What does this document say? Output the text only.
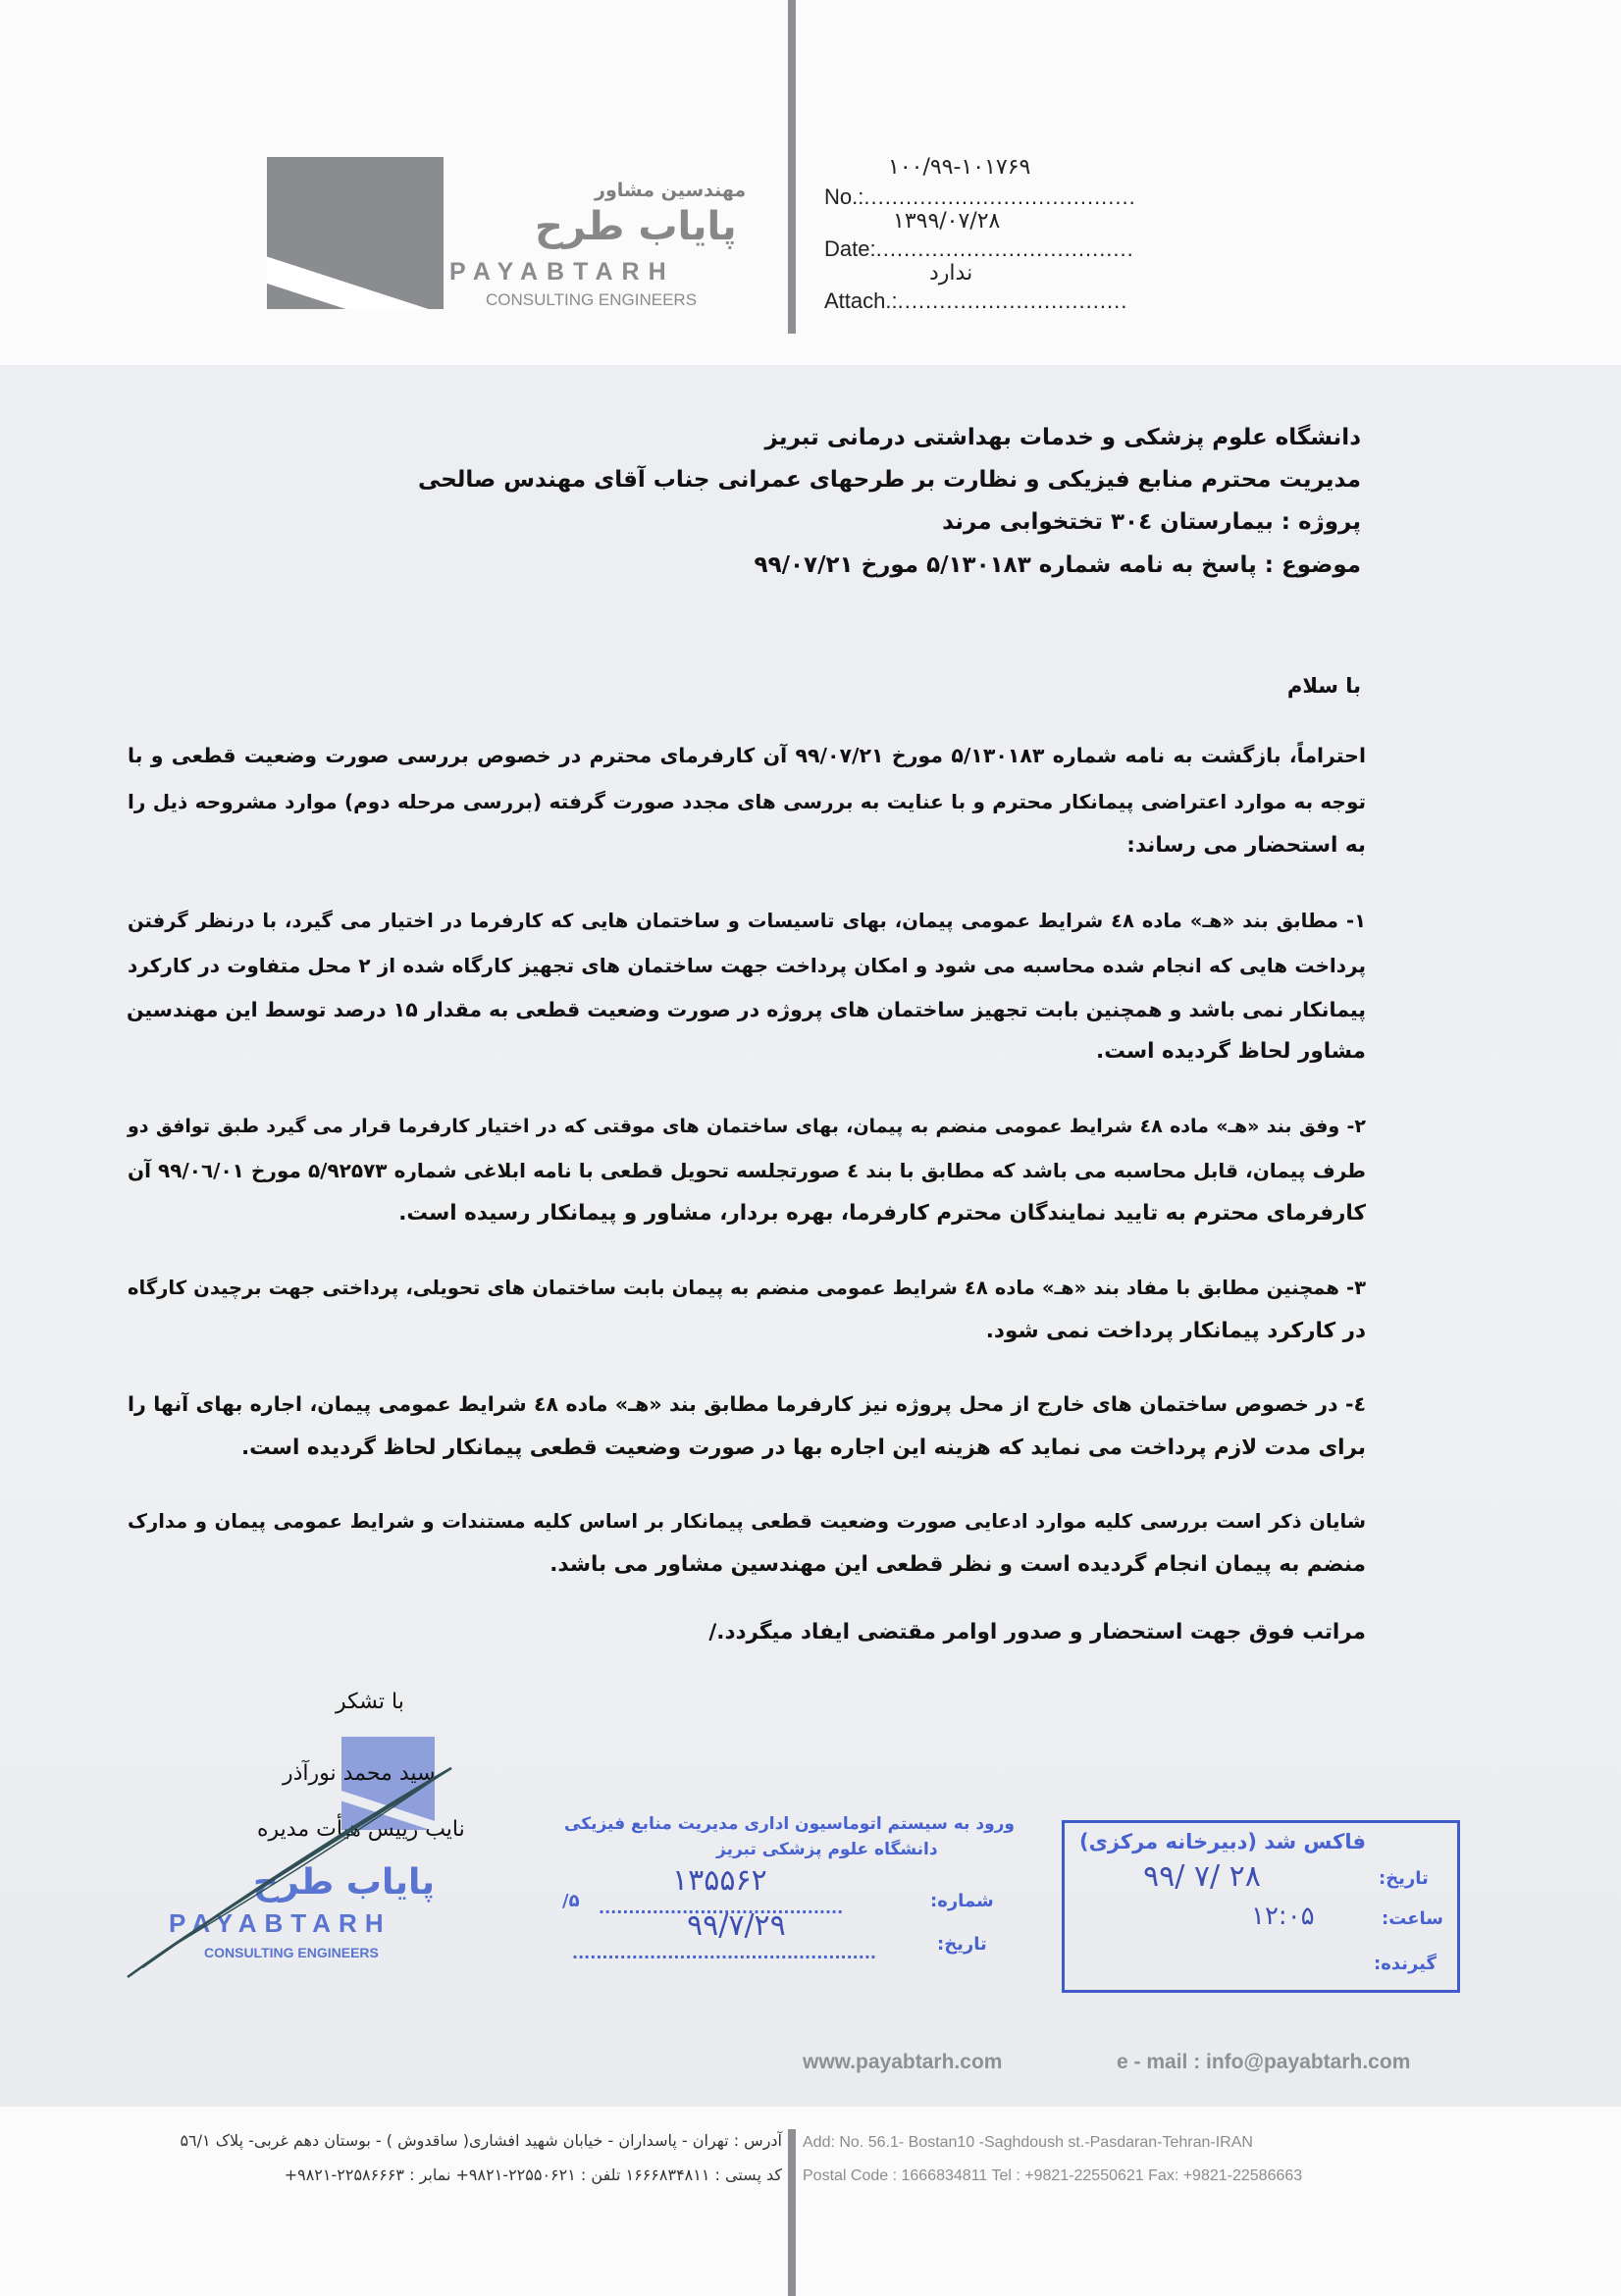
مهندسین مشاور
پایاب طرح
PAYABTARH
CONSULTING ENGINEERS
۱۰۰/۹۹-۱۰۱۷۶۹
No.:.......................................
۱۳۹۹/۰۷/۲۸
Date:.....................................
ندارد
Attach.:.................................
دانشگاه علوم پزشکی و خدمات بهداشتی درمانی تبریز
مدیریت محترم منابع فیزیکی و نظارت بر طرحهای عمرانی جناب آقای مهندس صالحی
پروژه : بیمارستان ۳۰٤ تختخوابی مرند
موضوع : پاسخ به نامه شماره ۵/۱۳۰۱۸۳ مورخ ۹۹/۰۷/۲۱
با سلام
احتراماً، بازگشت به نامه شماره ۵/۱۳۰۱۸۳ مورخ ۹۹/۰۷/۲۱ آن کارفرمای محترم در خصوص بررسی صورت وضعیت قطعی و با
توجه به موارد اعتراضی پیمانکار محترم و با عنایت به بررسی های مجدد صورت گرفته (بررسی مرحله دوم) موارد مشروحه ذیل را
به استحضار می رساند:
۱- مطابق بند «هـ» ماده ٤۸ شرایط عمومی پیمان، بهای تاسیسات و ساختمان هایی که کارفرما در اختیار می گیرد، با درنظر گرفتن
پرداخت هایی که انجام شده محاسبه می شود و امکان پرداخت جهت ساختمان های تجهیز کارگاه شده از ۲ محل متفاوت در کارکرد
پیمانکار نمی باشد و همچنین بابت تجهیز ساختمان های پروژه در صورت وضعیت قطعی به مقدار ۱۵ درصد توسط این مهندسین
مشاور لحاظ گردیده است.
۲- وفق بند «هـ» ماده ٤۸ شرایط عمومی منضم به پیمان، بهای ساختمان های موقتی که در اختیار کارفرما قرار می گیرد طبق توافق دو
طرف پیمان، قابل محاسبه می باشد که مطابق با بند ٤ صورتجلسه تحویل قطعی با نامه ابلاغی شماره ۵/۹۲۵۷۳ مورخ ۹۹/۰٦/۰۱ آن
کارفرمای محترم به تایید نمایندگان محترم کارفرما، بهره بردار، مشاور و پیمانکار رسیده است.
۳- همچنین مطابق با مفاد بند «هـ» ماده ٤۸ شرایط عمومی منضم به پیمان بابت ساختمان های تحویلی، پرداختی جهت برچیدن کارگاه
در کارکرد پیمانکار پرداخت نمی شود.
٤- در خصوص ساختمان های خارج از محل پروژه نیز کارفرما مطابق بند «هـ» ماده ٤۸ شرایط عمومی پیمان، اجاره بهای آنها را
برای مدت لازم پرداخت می نماید که هزینه این اجاره بها در صورت وضعیت قطعی پیمانکار لحاظ گردیده است.
شایان ذکر است بررسی کلیه موارد ادعایی صورت وضعیت قطعی پیمانکار بر اساس کلیه مستندات و شرایط عمومی پیمان و مدارک
منضم به پیمان انجام گردیده است و نظر قطعی این مهندسین مشاور می باشد.
مراتب فوق جهت استحضار و صدور اوامر مقتضی ایفاد میگردد./
پایاب طرح
PAYABTARH
CONSULTING ENGINEERS
با تشکر
سید محمد نورآذر
نایب رییس هیأت مدیره	ورود به سیستم اتوماسیون اداری مدیریت منابع فیزیکی
دانشگاه علوم پزشکی تبریز
۱۳۵۵۶۲
شماره:
۵/ .........................................
۹۹/۷/۲۹
تاریخ:
...................................................
فاکس شد (دبیرخانه مرکزی)
تاریخ:
۹۹/ ۷/ ۲۸
ساعت:
۱۲:۰۵
گیرنده:
www.payabtarh.com	e - mail : info@payabtarh.com
آدرس : تهران - پاسداران - خیابان شهید افشاری( ساقدوش ) - بوستان دهم غربی- پلاک ۵٦/۱
کد پستی : ۱۶۶۶۸۳۴۸۱۱ تلفن : ۲۲۵۵۰۶۲۱-۹۸۲۱+ نمابر : ۲۲۵۸۶۶۶۳-۹۸۲۱+
Add: No. 56.1- Bostan10 -Saghdoush st.-Pasdaran-Tehran-IRAN
Postal Code : 1666834811 Tel : +9821-22550621 Fax: +9821-22586663
